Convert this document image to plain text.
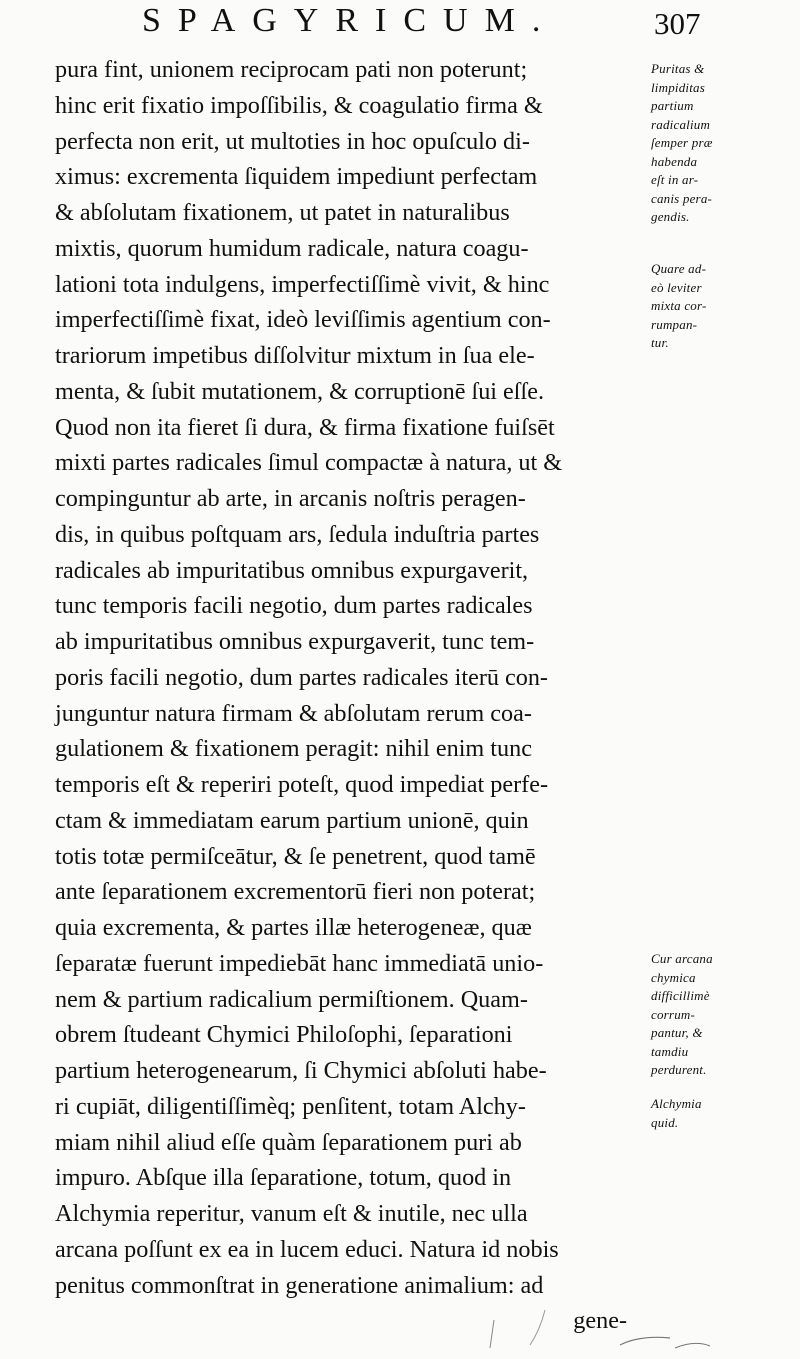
SPAGYRICUM.	307
pura fint, unionem reciprocam pati non poterunt;
hinc erit fixatio impoſſibilis, & coagulatio firma &
perfecta non erit, ut multoties in hoc opuſculo di-
ximus: excrementa ſiquidem impediunt perfectam
& abſolutam fixationem, ut patet in naturalibus
mixtis, quorum humidum radicale, natura coagu-
lationi tota indulgens, imperfectiſſimè vivit, & hinc
imperfectiſſimè fixat, ideò leviſſimis agentium con-
trariorum impetibus diſſolvitur mixtum in ſua ele-
menta, & ſubit mutationem, & corruptionē ſui eſſe.
Quod non ita fieret ſi dura, & firma fixatione fuiſsēt
mixti partes radicales ſimul compactæ à natura, ut &
compinguntur ab arte, in arcanis noſtris peragen-
dis, in quibus poſtquam ars, ſedula induſtria partes
radicales ab impuritatibus omnibus expurgaverit,
tunc temporis facili negotio, dum partes radicales
ab impuritatibus omnibus expurgaverit, tunc tem-
poris facili negotio, dum partes radicales iterū con-
junguntur natura firmam & abſolutam rerum coa-
gulationem & fixationem peragit: nihil enim tunc
temporis eſt & reperiri poteſt, quod impediat perfe-
ctam & immediatam earum partium unionē, quin
totis totæ permiſceātur, & ſe penetrent, quod tamē
ante ſeparationem excrementorū fieri non poterat;
quia excrementa, & partes illæ heterogeneæ, quæ
ſeparatæ fuerunt impediebāt hanc immediatā unio-
nem & partium radicalium permiſtionem. Quam-
obrem ſtudeant Chymici Philoſophi, ſeparationi
partium heterogenearum, ſi Chymici abſoluti habe-
ri cupiāt, diligentiſſimèq; penſitent, totam Alchy-
miam nihil aliud eſſe quàm ſeparationem puri ab
impuro. Abſque illa ſeparatione, totum, quod in
Alchymia reperitur, vanum eſt & inutile, nec ulla
arcana poſſunt ex ea in lucem educi. Natura id nobis
penitus commonſtrat in generatione animalium: ad
gene-
Puritas &
limpiditas
partium
radicalium
ſemper præ
habenda
eſt in ar-
canis pera-
gendis.
Quare ad-
eò leviter
mixta cor-
rumpan-
tur.
Cur arcana
chymica
difficillimè
corrum-
pantur, &
tamdiu
perdurent.
Alchymia
quid.
